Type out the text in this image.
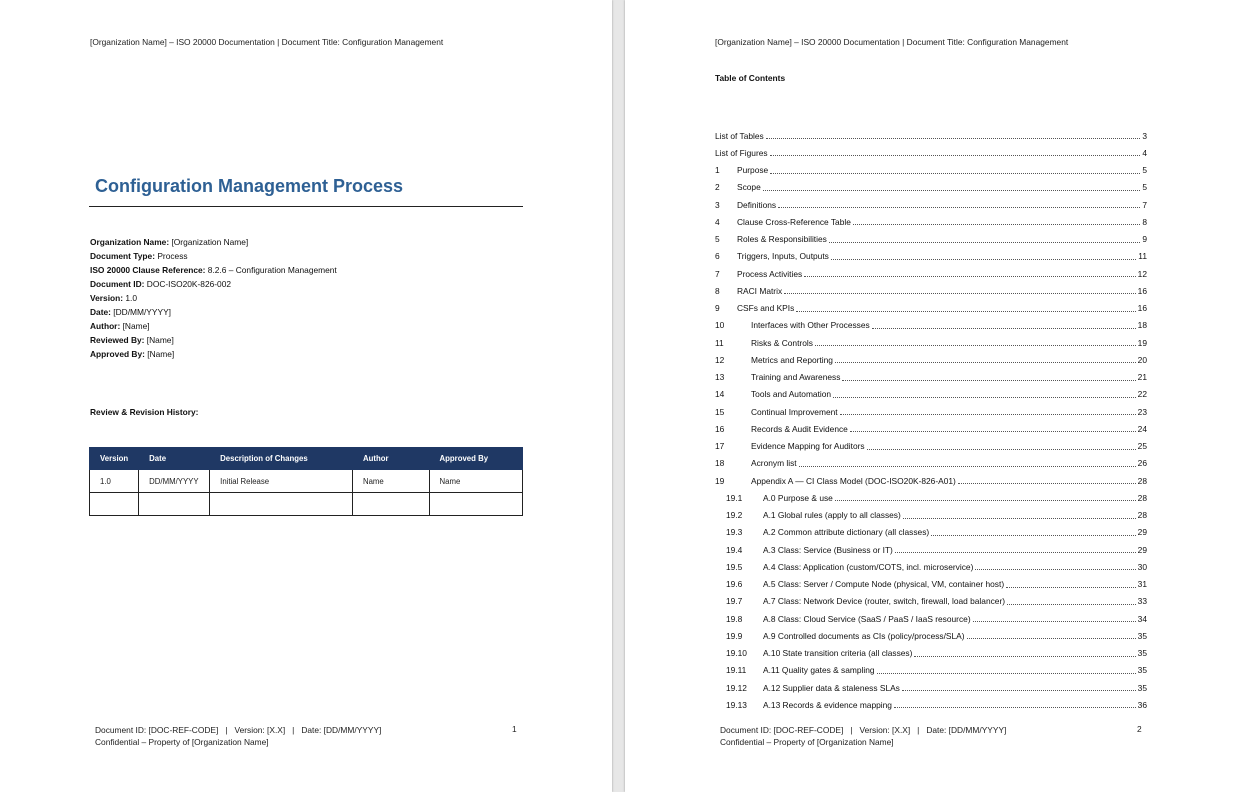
[Organization Name] – ISO 20000 Documentation | Document Title: Configuration Management
Configuration Management Process
Organization Name: [Organization Name]
Document Type: Process
ISO 20000 Clause Reference: 8.2.6 – Configuration Management
Document ID: DOC-ISO20K-826-002
Version: 1.0
Date: [DD/MM/YYYY]
Author: [Name]
Reviewed By: [Name]
Approved By: [Name]
Review & Revision History:
Version	Date	Description of Changes	Author	Approved By
1.0	DD/MM/YYYY	Initial Release	Name	Name

Document ID: [DOC-REF-CODE]   |   Version: [X.X]   |   Date: [DD/MM/YYYY]
Confidential – Property of [Organization Name]
1
[Organization Name] – ISO 20000 Documentation | Document Title: Configuration Management
Table of Contents
List of Tables	3
List of Figures	4
1	Purpose	5
2	Scope	5
3	Definitions	7
4	Clause Cross-Reference Table	8
5	Roles & Responsibilities	9
6	Triggers, Inputs, Outputs	11
7	Process Activities	12
8	RACI Matrix	16
9	CSFs and KPIs	16
10	Interfaces with Other Processes	18
11	Risks & Controls	19
12	Metrics and Reporting	20
13	Training and Awareness	21
14	Tools and Automation	22
15	Continual Improvement	23
16	Records & Audit Evidence	24
17	Evidence Mapping for Auditors	25
18	Acronym list	26
19	Appendix A — CI Class Model (DOC-ISO20K-826-A01)	28
19.1	A.0 Purpose & use	28
19.2	A.1 Global rules (apply to all classes)	28
19.3	A.2 Common attribute dictionary (all classes)	29
19.4	A.3 Class: Service (Business or IT)	29
19.5	A.4 Class: Application (custom/COTS, incl. microservice)	30
19.6	A.5 Class: Server / Compute Node (physical, VM, container host)	31
19.7	A.7 Class: Network Device (router, switch, firewall, load balancer)	33
19.8	A.8 Class: Cloud Service (SaaS / PaaS / IaaS resource)	34
19.9	A.9 Controlled documents as CIs (policy/process/SLA)	35
19.10	A.10 State transition criteria (all classes)	35
19.11	A.11 Quality gates & sampling	35
19.12	A.12 Supplier data & staleness SLAs	35
19.13	A.13 Records & evidence mapping	36
Document ID: [DOC-REF-CODE]   |   Version: [X.X]   |   Date: [DD/MM/YYYY]
Confidential – Property of [Organization Name]
2
